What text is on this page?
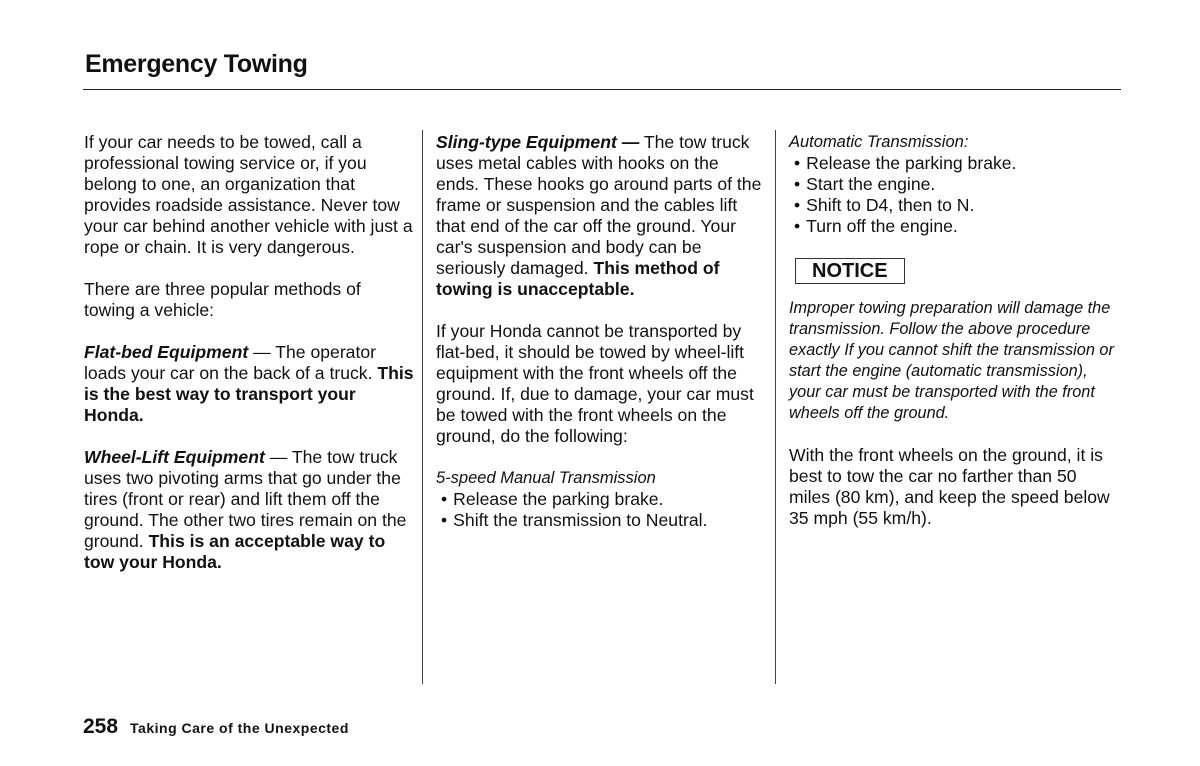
Emergency Towing

If your car needs to be towed, call a professional towing service or, if you belong to one, an organization that provides roadside assistance. Never tow your car behind another vehicle with just a rope or chain. It is very dangerous.

There are three popular methods of towing a vehicle:

Flat-bed Equipment — The operator loads your car on the back of a truck. This is the best way to transport your Honda.

Wheel-Lift Equipment — The tow truck uses two pivoting arms that go under the tires (front or rear) and lift them off the ground. The other two tires remain on the ground. This is an acceptable way to tow your Honda.

Sling-type Equipment — The tow truck uses metal cables with hooks on the ends. These hooks go around parts of the frame or suspension and the cables lift that end of the car off the ground. Your car's suspension and body can be seriously damaged. This method of towing is unacceptable.

If your Honda cannot be transported by flat-bed, it should be towed by wheel-lift equipment with the front wheels off the ground. If, due to damage, your car must be towed with the front wheels on the ground, do the following:

5-speed Manual Transmission

• Release the parking brake.
• Shift the transmission to Neutral.

Automatic Transmission:

• Release the parking brake.
• Start the engine.
• Shift to D4, then to N.
• Turn off the engine.
NOTICE

Improper towing preparation will damage the transmission. Follow the above procedure exactly If you cannot shift the transmission or start the engine (automatic transmission), your car must be transported with the front wheels off the ground.

With the front wheels on the ground, it is best to tow the car no farther than 50 miles (80 km), and keep the speed below 35 mph (55 km/h).

258 Taking Care of the Unexpected
